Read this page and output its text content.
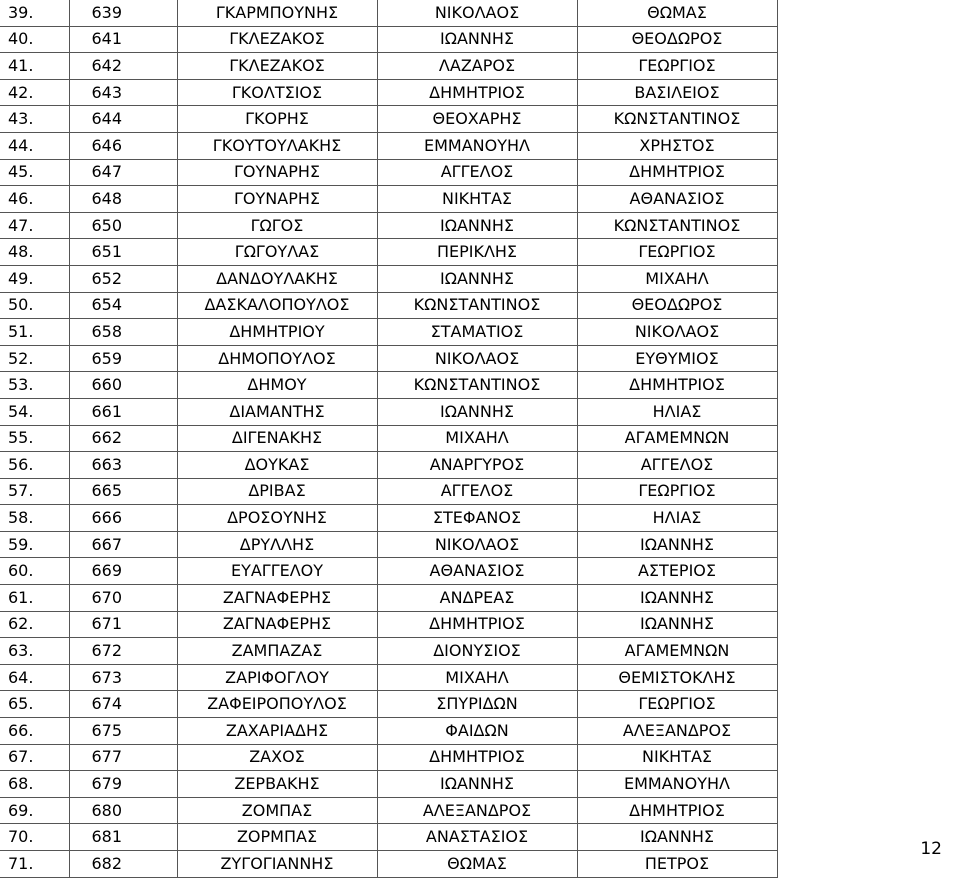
39.	639	ΓΚΑΡΜΠΟΥΝΗΣ	ΝΙΚΟΛΑΟΣ	ΘΩΜΑΣ
40.	641	ΓΚΛΕΖΑΚΟΣ	ΙΩΑΝΝΗΣ	ΘΕΟΔΩΡΟΣ
41.	642	ΓΚΛΕΖΑΚΟΣ	ΛΑΖΑΡΟΣ	ΓΕΩΡΓΙΟΣ
42.	643	ΓΚΟΛΤΣΙΟΣ	ΔΗΜΗΤΡΙΟΣ	ΒΑΣΙΛΕΙΟΣ
43.	644	ΓΚΟΡΗΣ	ΘΕΟΧΑΡΗΣ	ΚΩΝΣΤΑΝΤΙΝΟΣ
44.	646	ΓΚΟΥΤΟΥΛΑΚΗΣ	ΕΜΜΑΝΟΥΗΛ	ΧΡΗΣΤΟΣ
45.	647	ΓΟΥΝΑΡΗΣ	ΑΓΓΕΛΟΣ	ΔΗΜΗΤΡΙΟΣ
46.	648	ΓΟΥΝΑΡΗΣ	ΝΙΚΗΤΑΣ	ΑΘΑΝΑΣΙΟΣ
47.	650	ΓΩΓΟΣ	ΙΩΑΝΝΗΣ	ΚΩΝΣΤΑΝΤΙΝΟΣ
48.	651	ΓΩΓΟΥΛΑΣ	ΠΕΡΙΚΛΗΣ	ΓΕΩΡΓΙΟΣ
49.	652	ΔΑΝΔΟΥΛΑΚΗΣ	ΙΩΑΝΝΗΣ	ΜΙΧΑΗΛ
50.	654	ΔΑΣΚΑΛΟΠΟΥΛΟΣ	ΚΩΝΣΤΑΝΤΙΝΟΣ	ΘΕΟΔΩΡΟΣ
51.	658	ΔΗΜΗΤΡΙΟΥ	ΣΤΑΜΑΤΙΟΣ	ΝΙΚΟΛΑΟΣ
52.	659	ΔΗΜΟΠΟΥΛΟΣ	ΝΙΚΟΛΑΟΣ	ΕΥΘΥΜΙΟΣ
53.	660	ΔΗΜΟΥ	ΚΩΝΣΤΑΝΤΙΝΟΣ	ΔΗΜΗΤΡΙΟΣ
54.	661	ΔΙΑΜΑΝΤΗΣ	ΙΩΑΝΝΗΣ	ΗΛΙΑΣ
55.	662	ΔΙΓΕΝΑΚΗΣ	ΜΙΧΑΗΛ	ΑΓΑΜΕΜΝΩΝ
56.	663	ΔΟΥΚΑΣ	ΑΝΑΡΓΥΡΟΣ	ΑΓΓΕΛΟΣ
57.	665	ΔΡΙΒΑΣ	ΑΓΓΕΛΟΣ	ΓΕΩΡΓΙΟΣ
58.	666	ΔΡΟΣΟΥΝΗΣ	ΣΤΕΦΑΝΟΣ	ΗΛΙΑΣ
59.	667	ΔΡΥΛΛΗΣ	ΝΙΚΟΛΑΟΣ	ΙΩΑΝΝΗΣ
60.	669	ΕΥΑΓΓΕΛΟΥ	ΑΘΑΝΑΣΙΟΣ	ΑΣΤΕΡΙΟΣ
61.	670	ΖΑΓΝΑΦΕΡΗΣ	ΑΝΔΡΕΑΣ	ΙΩΑΝΝΗΣ
62.	671	ΖΑΓΝΑΦΕΡΗΣ	ΔΗΜΗΤΡΙΟΣ	ΙΩΑΝΝΗΣ
63.	672	ΖΑΜΠΑΖΑΣ	ΔΙΟΝΥΣΙΟΣ	ΑΓΑΜΕΜΝΩΝ
64.	673	ΖΑΡΙΦΟΓΛΟΥ	ΜΙΧΑΗΛ	ΘΕΜΙΣΤΟΚΛΗΣ
65.	674	ΖΑΦΕΙΡΟΠΟΥΛΟΣ	ΣΠΥΡΙΔΩΝ	ΓΕΩΡΓΙΟΣ
66.	675	ΖΑΧΑΡΙΑΔΗΣ	ΦΑΙΔΩΝ	ΑΛΕΞΑΝΔΡΟΣ
67.	677	ΖΑΧΟΣ	ΔΗΜΗΤΡΙΟΣ	ΝΙΚΗΤΑΣ
68.	679	ΖΕΡΒΑΚΗΣ	ΙΩΑΝΝΗΣ	ΕΜΜΑΝΟΥΗΛ
69.	680	ΖΟΜΠΑΣ	ΑΛΕΞΑΝΔΡΟΣ	ΔΗΜΗΤΡΙΟΣ
70.	681	ΖΟΡΜΠΑΣ	ΑΝΑΣΤΑΣΙΟΣ	ΙΩΑΝΝΗΣ
71.	682	ΖΥΓΟΓΙΑΝΝΗΣ	ΘΩΜΑΣ	ΠΕΤΡΟΣ
12
